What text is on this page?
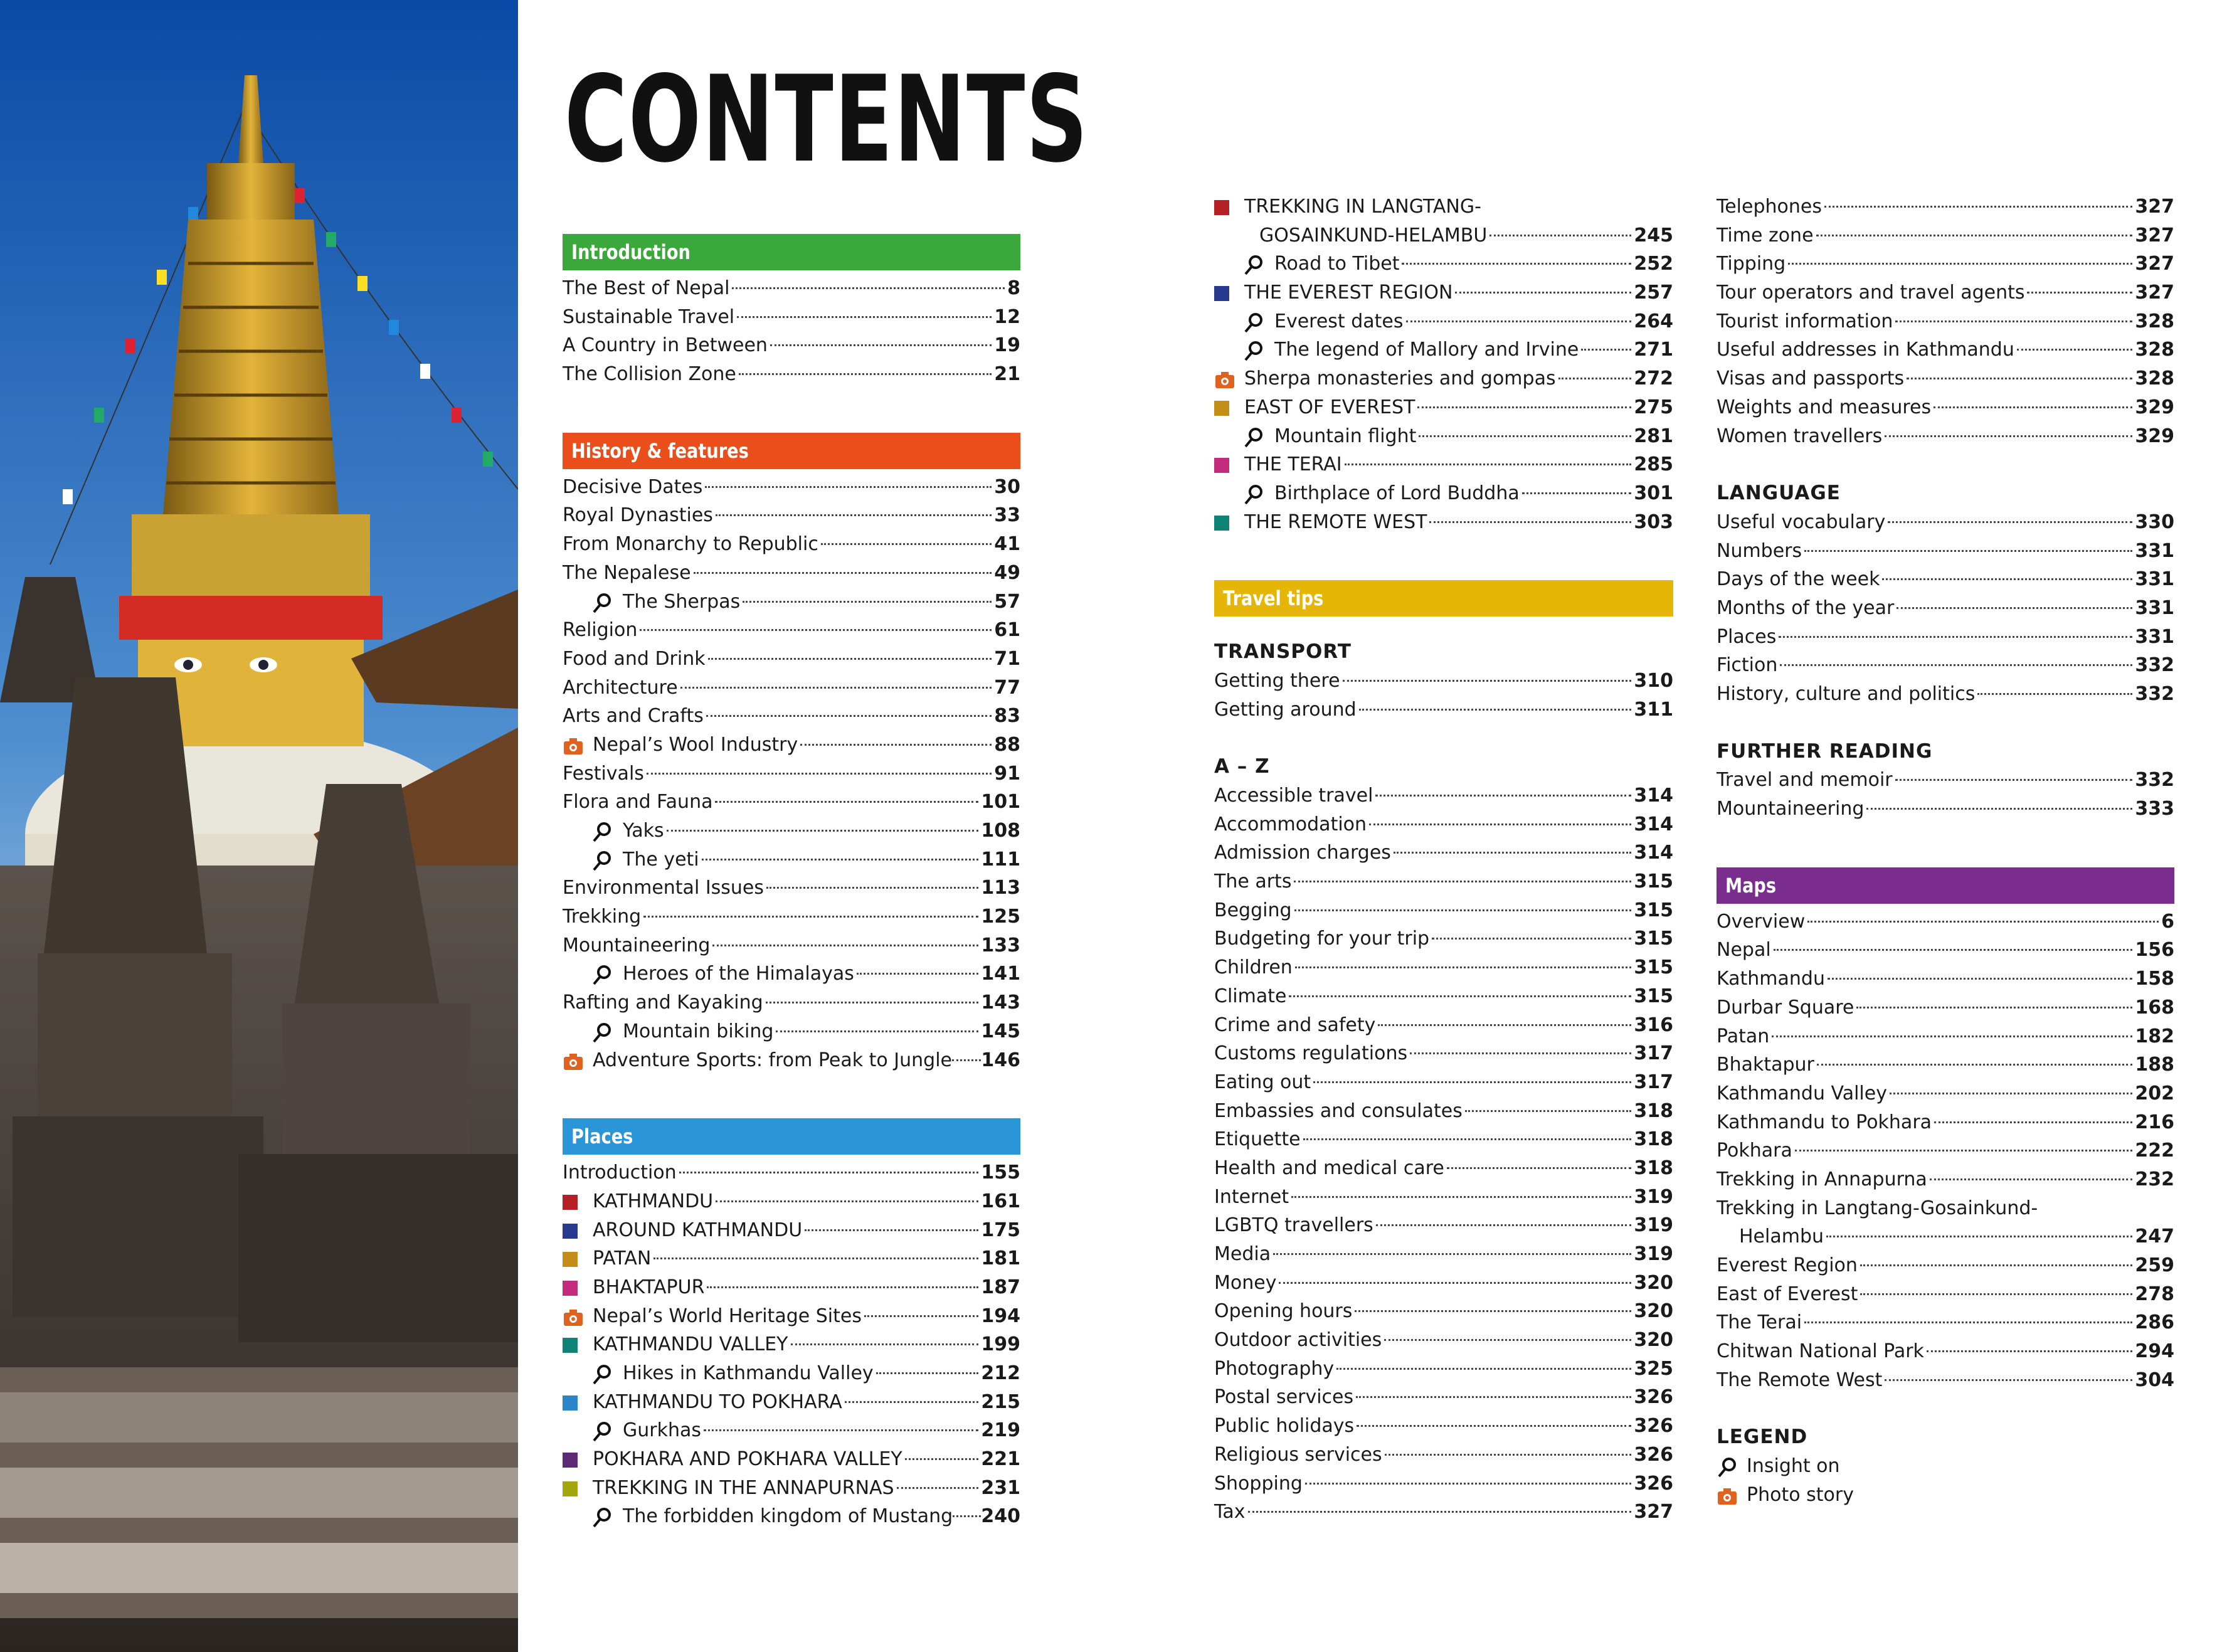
CONTENTS
Introduction
The Best of Nepal	8
Sustainable Travel	12
A Country in Between	19
The Collision Zone	21
History & features
Decisive Dates	30
Royal Dynasties	33
From Monarchy to Republic	41
The Nepalese	49
The Sherpas	57
Religion	61
Food and Drink	71
Architecture	77
Arts and Crafts	83
Nepal’s Wool Industry	88
Festivals	91
Flora and Fauna	101
Yaks	108
The yeti	111
Environmental Issues	113
Trekking	125
Mountaineering	133
Heroes of the Himalayas	141
Rafting and Kayaking	143
Mountain biking	145
Adventure Sports: from Peak to Jungle 146
Places
Introduction	155
KATHMANDU	161
AROUND KATHMANDU	175
PATAN	181
BHAKTAPUR	187
Nepal’s World Heritage Sites	194
KATHMANDU VALLEY	199
Hikes in Kathmandu Valley	212
KATHMANDU TO POKHARA	215
Gurkhas	219
POKHARA AND POKHARA VALLEY	221
TREKKING IN THE ANNAPURNAS	231
The forbidden kingdom of Mustang 240
TREKKING IN LANGTANG-
GOSAINKUND-HELAMBU	245
Road to Tibet	252
THE EVEREST REGION	257
Everest dates	264
The legend of Mallory and Irvine	271
Sherpa monasteries and gompas	272
EAST OF EVEREST	275
Mountain flight	281
THE TERAI	285
Birthplace of Lord Buddha	301
THE REMOTE WEST	303
Travel tips
TRANSPORT
Getting there	310
Getting around	311
A – Z
Accessible travel	314
Accommodation	314
Admission charges	314
The arts	315
Begging	315
Budgeting for your trip	315
Children	315
Climate	315
Crime and safety	316
Customs regulations	317
Eating out	317
Embassies and consulates	318
Etiquette	318
Health and medical care	318
Internet	319
LGBTQ travellers	319
Media	319
Money	320
Opening hours	320
Outdoor activities	320
Photography	325
Postal services	326
Public holidays	326
Religious services	326
Shopping	326
Tax	327
Telephones	327
Time zone	327
Tipping	327
Tour operators and travel agents	327
Tourist information	328
Useful addresses in Kathmandu	328
Visas and passports	328
Weights and measures	329
Women travellers	329
LANGUAGE
Useful vocabulary	330
Numbers	331
Days of the week	331
Months of the year	331
Places	331
Fiction	332
History, culture and politics	332
FURTHER READING
Travel and memoir	332
Mountaineering	333
Maps
Overview	6
Nepal	156
Kathmandu	158
Durbar Square	168
Patan	182
Bhaktapur	188
Kathmandu Valley	202
Kathmandu to Pokhara	216
Pokhara	222
Trekking in Annapurna	232
Trekking in Langtang-Gosainkund-
Helambu	247
Everest Region	259
East of Everest	278
The Terai	286
Chitwan National Park	294
The Remote West	304
LEGEND
Insight on
Photo story
